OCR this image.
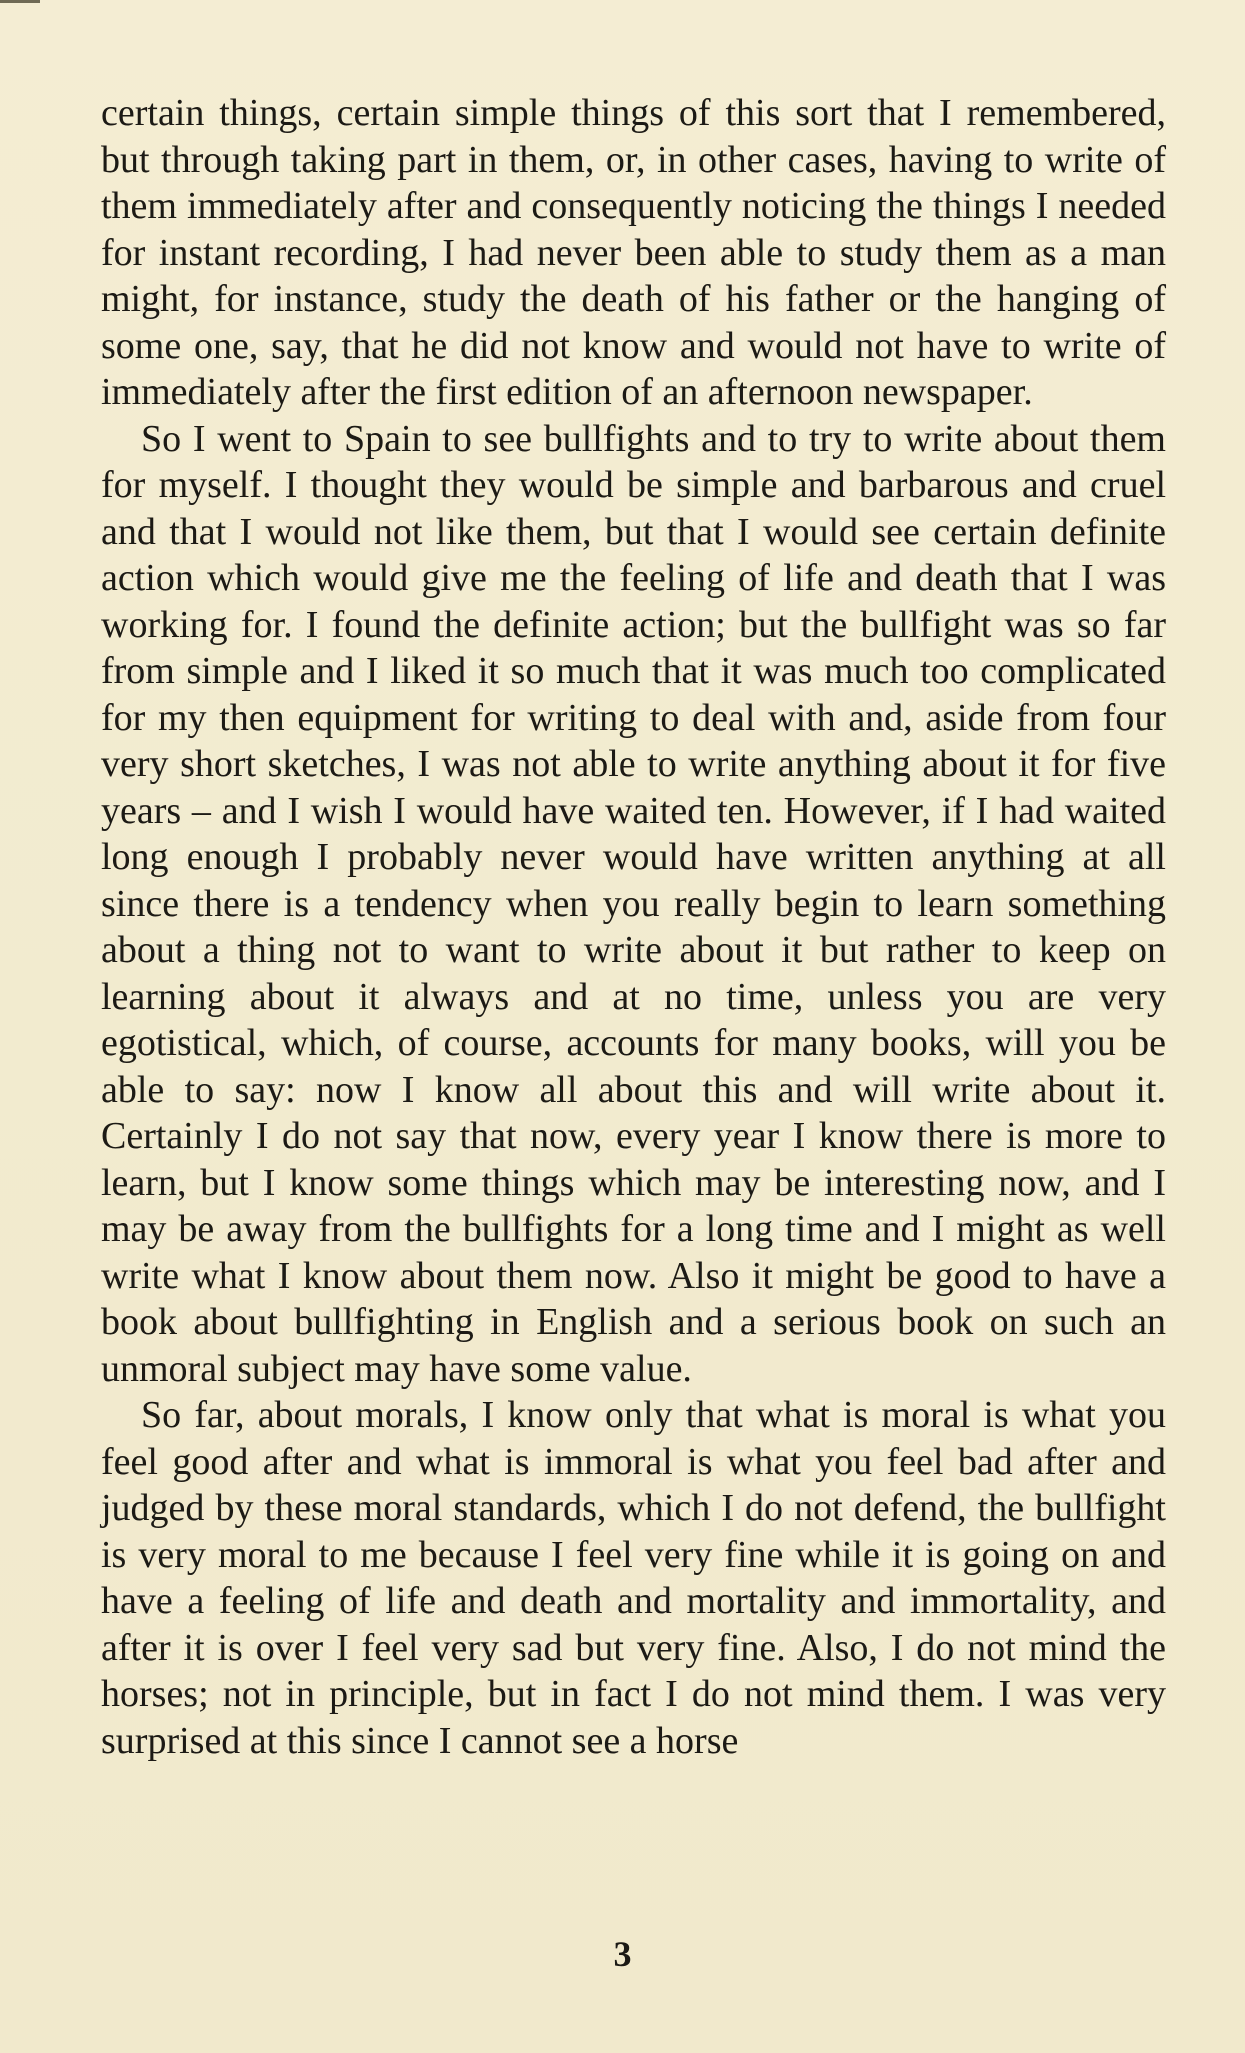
certain things, certain simple things of this sort that I remembered, but through taking part in them, or, in other cases, having to write of them immediately after and consequently noticing the things I needed for instant recording, I had never been able to study them as a man might, for instance, study the death of his father or the hanging of some one, say, that he did not know and would not have to write of immediately after the first edition of an afternoon newspaper.

So I went to Spain to see bullfights and to try to write about them for myself. I thought they would be simple and barbarous and cruel and that I would not like them, but that I would see certain definite action which would give me the feeling of life and death that I was working for. I found the definite action; but the bullfight was so far from simple and I liked it so much that it was much too complicated for my then equipment for writing to deal with and, aside from four very short sketches, I was not able to write anything about it for five years – and I wish I would have waited ten. However, if I had waited long enough I probably never would have written anything at all since there is a tendency when you really begin to learn something about a thing not to want to write about it but rather to keep on learning about it always and at no time, unless you are very egotistical, which, of course, accounts for many books, will you be able to say: now I know all about this and will write about it. Certainly I do not say that now, every year I know there is more to learn, but I know some things which may be interesting now, and I may be away from the bullfights for a long time and I might as well write what I know about them now. Also it might be good to have a book about bullfighting in English and a serious book on such an unmoral subject may have some value.

So far, about morals, I know only that what is moral is what you feel good after and what is immoral is what you feel bad after and judged by these moral standards, which I do not defend, the bullfight is very moral to me because I feel very fine while it is going on and have a feeling of life and death and mortality and immortality, and after it is over I feel very sad but very fine. Also, I do not mind the horses; not in principle, but in fact I do not mind them. I was very surprised at this since I cannot see a horse

3
